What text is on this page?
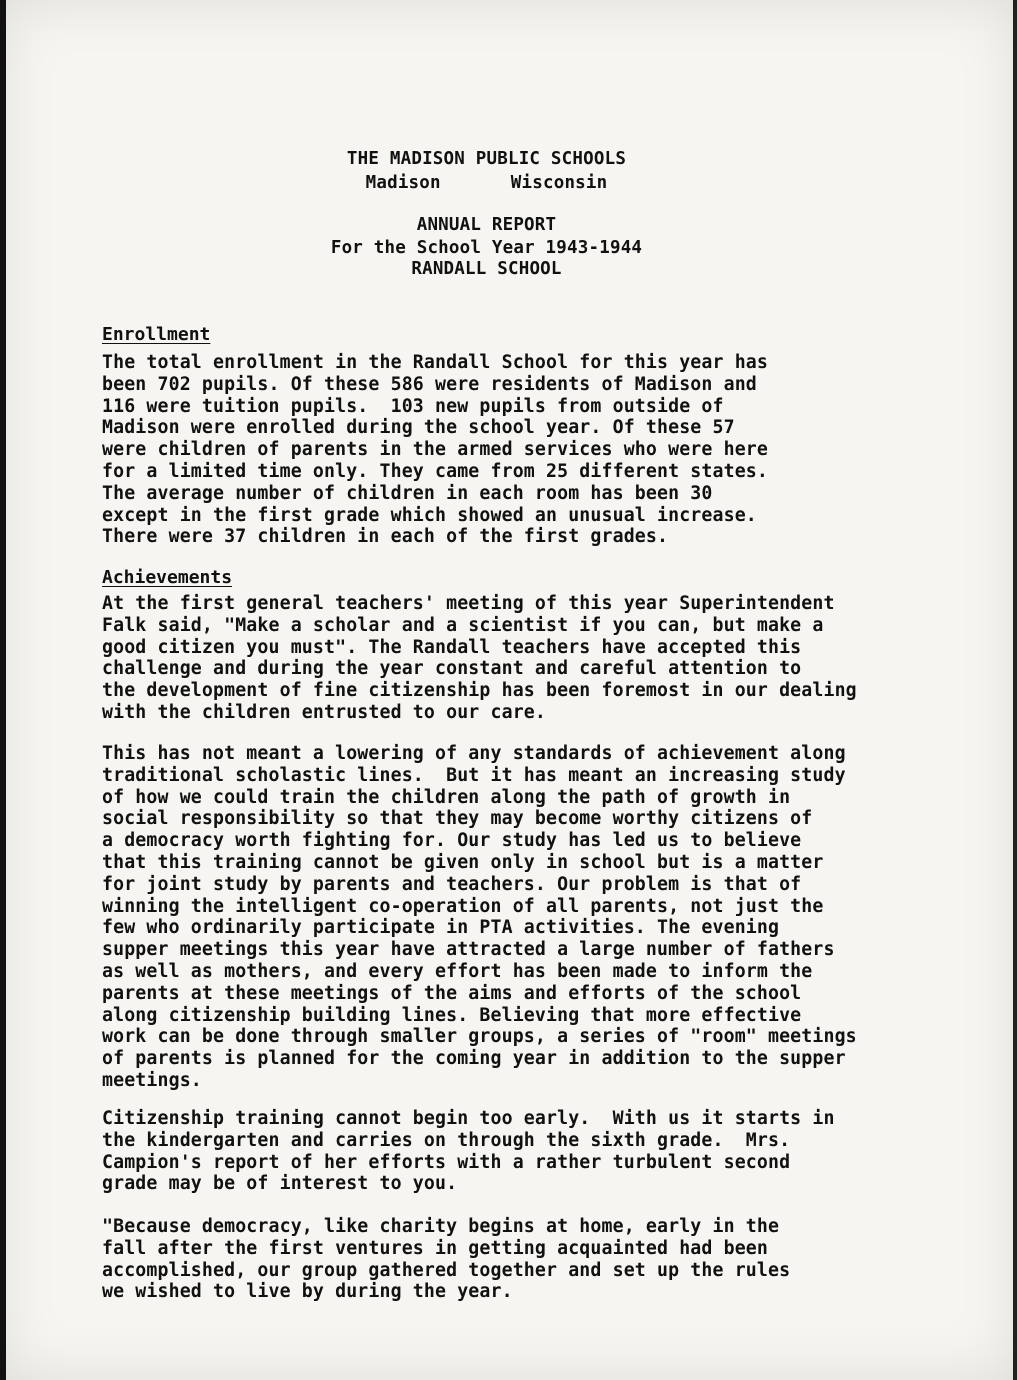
THE MADISON PUBLIC SCHOOLS
Madison	Wisconsin
ANNUAL REPORT
For the School Year 1943-1944
RANDALL SCHOOL
Enrollment
The total enrollment in the Randall School for this year has
been 702 pupils. Of these 586 were residents of Madison and
116 were tuition pupils.  103 new pupils from outside of
Madison were enrolled during the school year. Of these 57
were children of parents in the armed services who were here
for a limited time only. They came from 25 different states.
The average number of children in each room has been 30
except in the first grade which showed an unusual increase.
There were 37 children in each of the first grades.
Achievements
At the first general teachers' meeting of this year Superintendent
Falk said, "Make a scholar and a scientist if you can, but make a
good citizen you must". The Randall teachers have accepted this
challenge and during the year constant and careful attention to
the development of fine citizenship has been foremost in our dealing
with the children entrusted to our care.
This has not meant a lowering of any standards of achievement along
traditional scholastic lines.  But it has meant an increasing study
of how we could train the children along the path of growth in
social responsibility so that they may become worthy citizens of
a democracy worth fighting for. Our study has led us to believe
that this training cannot be given only in school but is a matter
for joint study by parents and teachers. Our problem is that of
winning the intelligent co-operation of all parents, not just the
few who ordinarily participate in PTA activities. The evening
supper meetings this year have attracted a large number of fathers
as well as mothers, and every effort has been made to inform the
parents at these meetings of the aims and efforts of the school
along citizenship building lines. Believing that more effective
work can be done through smaller groups, a series of "room" meetings
of parents is planned for the coming year in addition to the supper
meetings.
Citizenship training cannot begin too early.  With us it starts in
the kindergarten and carries on through the sixth grade.  Mrs.
Campion's report of her efforts with a rather turbulent second
grade may be of interest to you.
"Because democracy, like charity begins at home, early in the
fall after the first ventures in getting acquainted had been
accomplished, our group gathered together and set up the rules
we wished to live by during the year.
